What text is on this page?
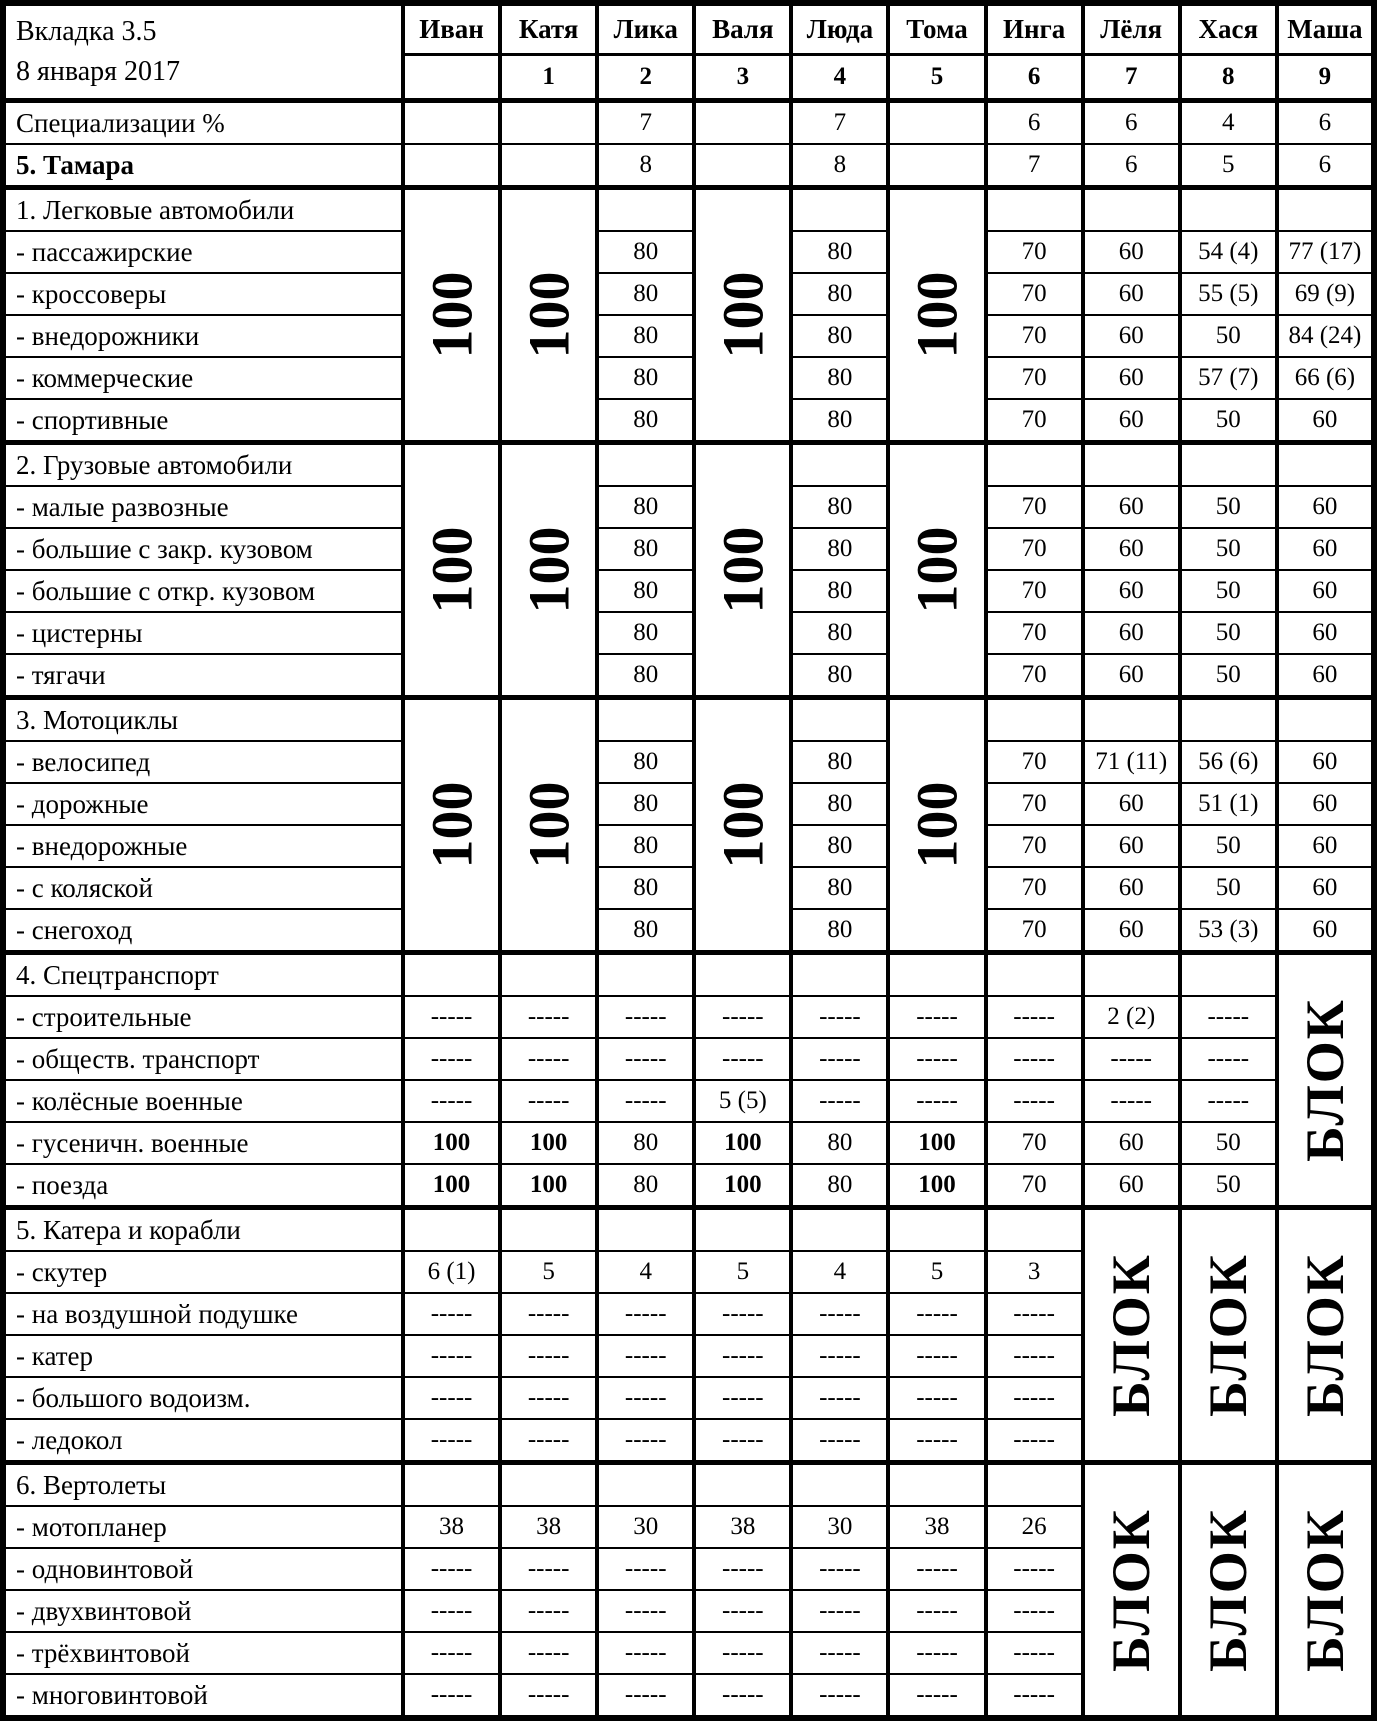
Вкладка 3.5
8 января 2017	Иван	Катя	Лика	Валя	Люда	Тома	Инга	Лёля	Хася	Маша
		1	2	3	4	5	6	7	8	9
Специализации %			7		7		6	6	4	6
5. Тамара			8		8		7	6	5	6
1. Легковые автомобили	100	100		100		100				

- пассажирские			80		80		70	60	54 (4)	77 (17)
- кроссоверы			80		80		70	60	55 (5)	69 (9)
- внедорожники			80		80		70	60	50	84 (24)
- коммерческие			80		80		70	60	57 (7)	66 (6)
- спортивные			80		80		70	60	50	60
2. Грузовые автомобили	100	100		100		100				

- малые развозные			80		80		70	60	50	60
- большие с закр. кузовом			80		80		70	60	50	60
- большие с откр. кузовом			80		80		70	60	50	60
- цистерны			80		80		70	60	50	60
- тягачи			80		80		70	60	50	60
3. Мотоциклы	100	100		100		100				

- велосипед			80		80		70	71 (11)	56 (6)	60
- дорожные			80		80		70	60	51 (1)	60
- внедорожные			80		80		70	60	50	60
- с коляской			80		80		70	60	50	60
- снегоход			80		80		70	60	53 (3)	60
4. Спецтранспорт										БЛОК

- строительные	-----	-----	-----	-----	-----	-----	-----	2 (2)	-----	
- обществ. транспорт	-----	-----	-----	-----	-----	-----	-----	-----	-----	
- колёсные военные	-----	-----	-----	5 (5)	-----	-----	-----	-----	-----	
- гусеничн. военные	100	100	80	100	80	100	70	60	50	
- поезда	100	100	80	100	80	100	70	60	50	
5. Катера и корабли								БЛОК	БЛОК	БЛОК

- скутер	6 (1)	5	4	5	4	5	3			
- на воздушной подушке	-----	-----	-----	-----	-----	-----	-----			
- катер	-----	-----	-----	-----	-----	-----	-----			
- большого водоизм.	-----	-----	-----	-----	-----	-----	-----			
- ледокол	-----	-----	-----	-----	-----	-----	-----			
6. Вертолеты								БЛОК	БЛОК	БЛОК

- мотопланер	38	38	30	38	30	38	26			
- одновинтовой	-----	-----	-----	-----	-----	-----	-----			
- двухвинтовой	-----	-----	-----	-----	-----	-----	-----			
- трёхвинтовой	-----	-----	-----	-----	-----	-----	-----			
- многовинтовой	-----	-----	-----	-----	-----	-----	-----			
